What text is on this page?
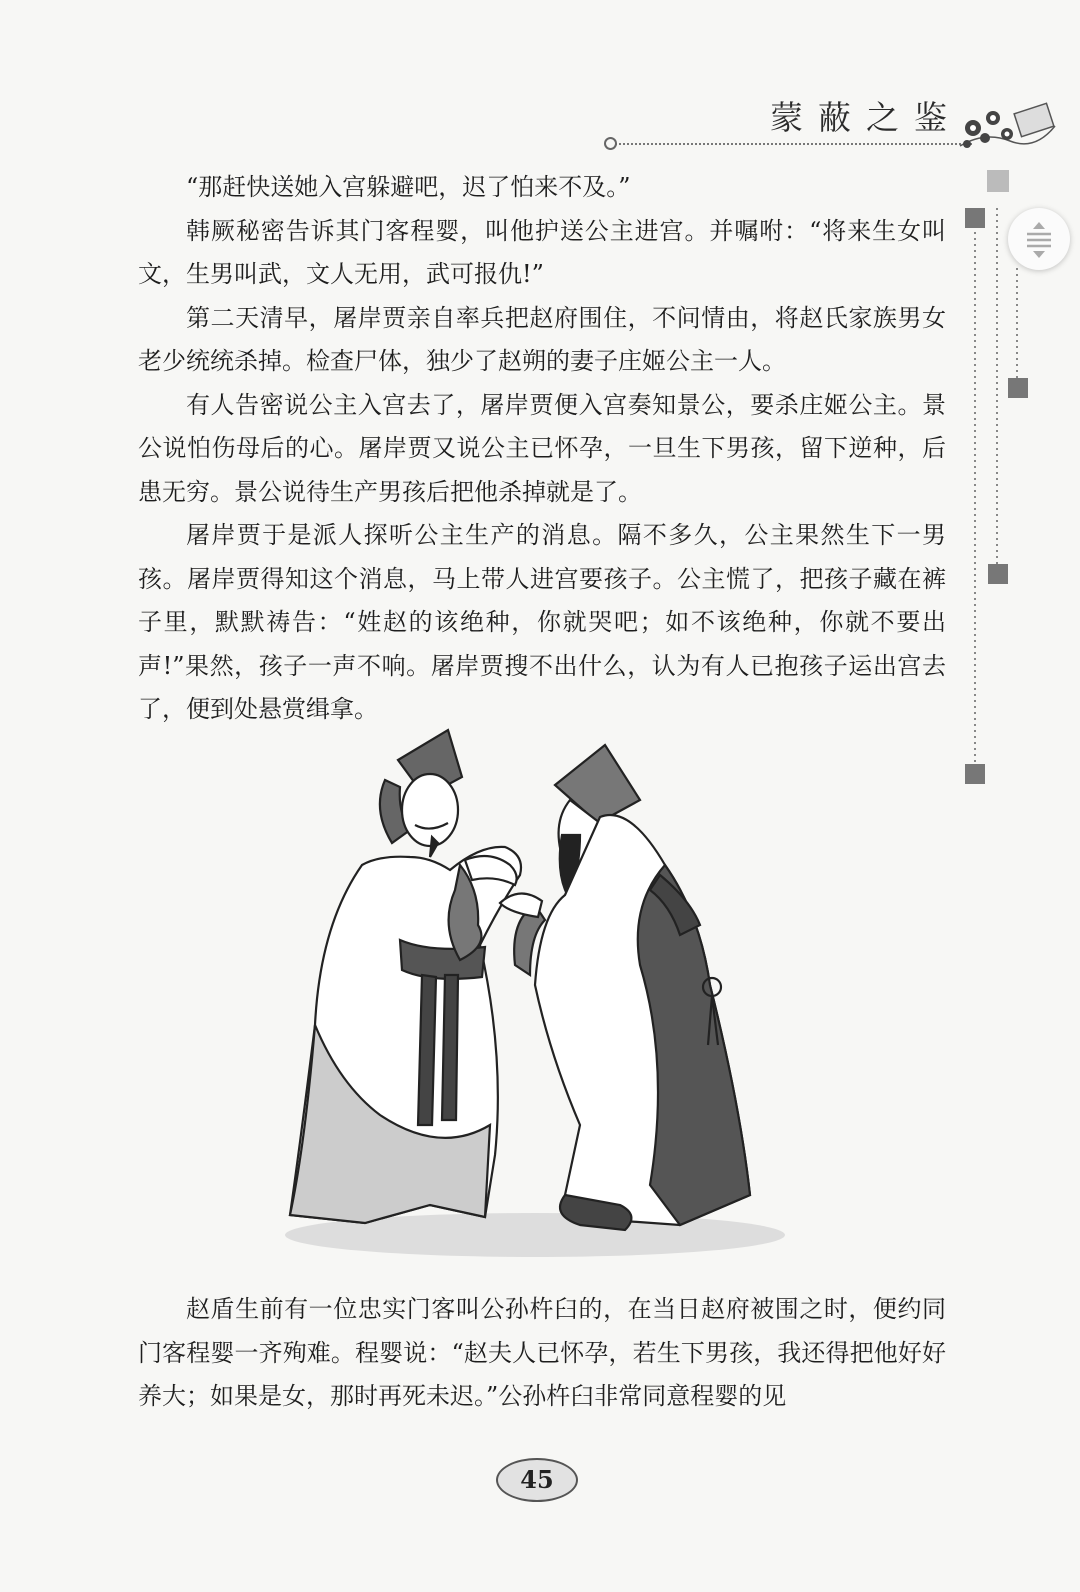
蒙蔽之鉴

“那赶快送她入宫躲避吧，迟了怕来不及。”

韩厥秘密告诉其门客程婴，叫他护送公主进宫。并嘱咐：“将来生女叫文，生男叫武，文人无用，武可报仇!”

第二天清早，屠岸贾亲自率兵把赵府围住，不问情由，将赵氏家族男女老少统统杀掉。检查尸体，独少了赵朔的妻子庄姬公主一人。

有人告密说公主入宫去了，屠岸贾便入宫奏知景公，要杀庄姬公主。景公说怕伤母后的心。屠岸贾又说公主已怀孕，一旦生下男孩，留下逆种，后患无穷。景公说待生产男孩后把他杀掉就是了。

屠岸贾于是派人探听公主生产的消息。隔不多久，公主果然生下一男孩。屠岸贾得知这个消息，马上带人进宫要孩子。公主慌了，把孩子藏在裤子里，默默祷告：“姓赵的该绝种，你就哭吧；如不该绝种，你就不要出声!”果然，孩子一声不响。屠岸贾搜不出什么，认为有人已抱孩子运出宫去了，便到处悬赏缉拿。

赵盾生前有一位忠实门客叫公孙杵臼的，在当日赵府被围之时，便约同门客程婴一齐殉难。程婴说：“赵夫人已怀孕，若生下男孩，我还得把他好好养大；如果是女，那时再死未迟。”公孙杵臼非常同意程婴的见

45
